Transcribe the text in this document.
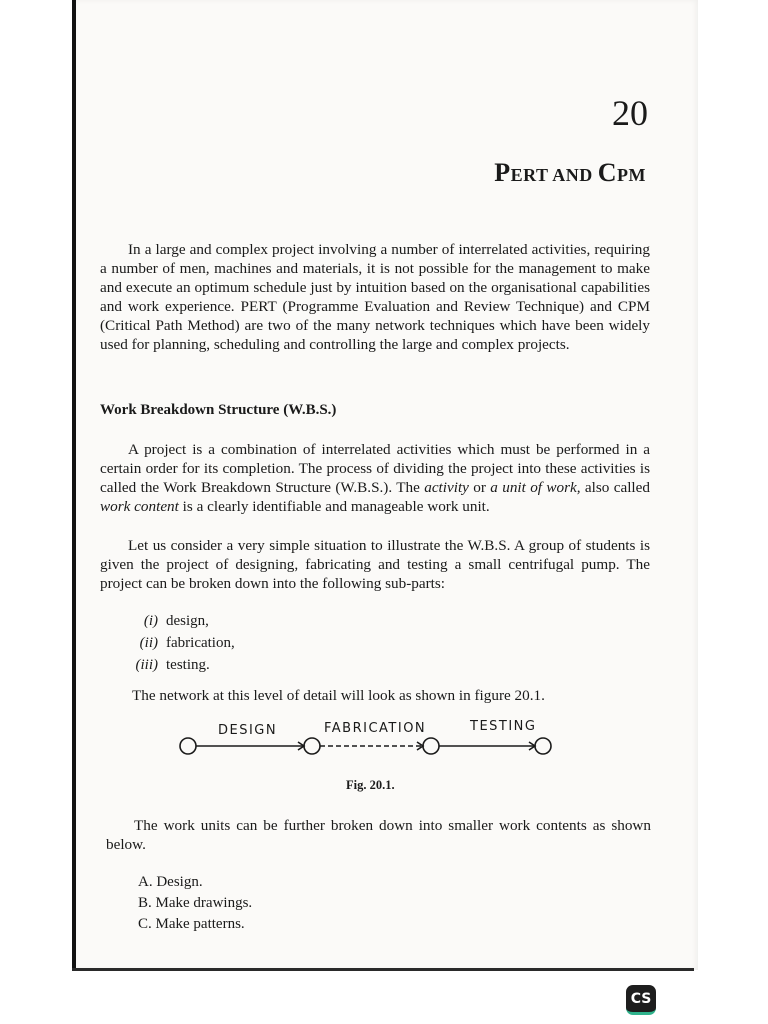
20
PERT AND CPM

In a large and complex project involving a number of interrelated activities, requiring a number of men, machines and materials, it is not possible for the management to make and execute an optimum schedule just by intuition based on the organisational capabilities and work experience. PERT (Programme Evaluation and Review Technique) and CPM (Critical Path Method) are two of the many network techniques which have been widely used for planning, scheduling and controlling the large and complex projects.

Work Breakdown Structure (W.B.S.)

A project is a combination of interrelated activities which must be performed in a certain order for its completion. The process of dividing the project into these activities is called the Work Breakdown Structure (W.B.S.). The activity or a unit of work, also called work content is a clearly identifiable and manageable work unit.

Let us consider a very simple situation to illustrate the W.B.S. A group of students is given the project of designing, fabricating and testing a small centrifugal pump. The project can be broken down into the following sub-parts:

(i) design,
(ii) fabrication,
(iii) testing.
The network at this level of detail will look as shown in figure 20.1.
DESIGN	FABRICATION	TESTING
Fig. 20.1.

The work units can be further broken down into smaller work contents as shown below.

A. Design.
B. Make drawings.
C. Make patterns.
CS
